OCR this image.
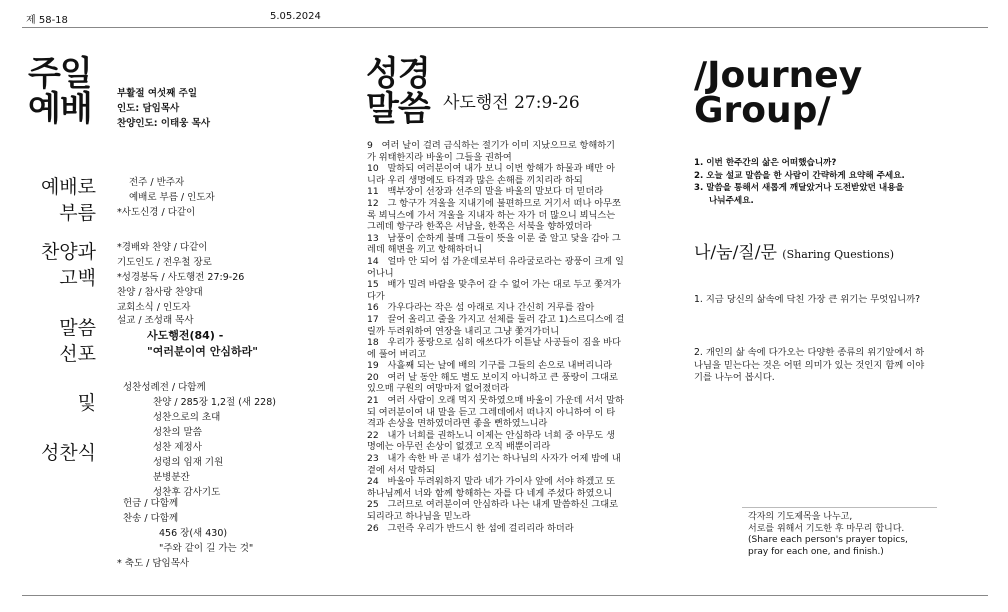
제 58-18	5.05.2024
주일
예배	부활절 여섯째 주일
인도: 담임목사
찬양인도: 이태웅 목사
예배로
부름
찬양과
고백
말씀
선포
및
성찬식
전주 / 반주자
예배로 부름 / 인도자
*사도신경 / 다같이
*경배와 찬양 / 다같이
기도인도 / 전우철 장로
*성경봉독 / 사도행전 27:9-26
찬양 / 참사랑 찬양대
교회소식 / 인도자
설교 / 조성래 목사
사도행전(84) -
"여러분이여 안심하라"
성찬성례전 / 다함께
찬양 / 285장 1,2절 (새 228)
성찬으로의 초대
성찬의 말씀
성찬 제정사
성령의 임재 기원
분병분잔
성찬후 감사기도
헌금 / 다함께
찬송 / 다함께
456 장(새 430)
"주와 같이 길 가는 것"
* 축도 / 담임목사
성경
말씀 사도행전 27:9-26
9   여러 날이 걸려 금식하는 절기가 이미 지났으므로 항해하기
가 위태한지라 바울이 그들을 권하여
10   말하되 여러분이여 내가 보니 이번 항해가 하물과 배만 아
니라 우리 생명에도 타격과 많은 손해를 끼치리라 하되
11   백부장이 선장과 선주의 말을 바울의 말보다 더 믿더라
12   그 항구가 겨울을 지내기에 불편하므로 거기서 떠나 아무쪼
록 뵈닉스에 가서 겨울을 지내자 하는 자가 더 많으니 뵈닉스는
그레데 항구라 한쪽은 서남을, 한쪽은 서북을 향하였더라
13   남풍이 순하게 불매 그들이 뜻을 이룬 줄 알고 닻을 감아 그
레데 해변을 끼고 항해하더니
14   얼마 안 되어 섬 가운데로부터 유라굴로라는 광풍이 크게 일
어나니
15   배가 밀려 바람을 맞추어 갈 수 없어 가는 대로 두고 쫓겨가
다가
16   가우다라는 작은 섬 아래로 지나 간신히 거루를 잡아
17   끌어 올리고 줄을 가지고 선체를 둘러 감고 1)스르디스에 걸
릴까 두려워하여 연장을 내리고 그냥 쫓겨가더니
18   우리가 풍랑으로 심히 애쓰다가 이튿날 사공들이 짐을 바다
에 풀어 버리고
19   사흘째 되는 날에 배의 기구를 그들의 손으로 내버리니라
20   여러 날 동안 해도 별도 보이지 아니하고 큰 풍랑이 그대로
있으매 구원의 여망마저 없어졌더라
21   여러 사람이 오래 먹지 못하였으매 바울이 가운데 서서 말하
되 여러분이여 내 말을 듣고 그레데에서 떠나지 아니하여 이 타
격과 손상을 면하였더라면 좋을 뻔하였느니라
22   내가 너희를 권하노니 이제는 안심하라 너희 중 아무도 생
명에는 아무런 손상이 없겠고 오직 배뿐이리라
23   내가 속한 바 곧 내가 섬기는 하나님의 사자가 어제 밤에 내
곁에 서서 말하되
24   바울아 두려워하지 말라 네가 가이사 앞에 서야 하겠고 또
하나님께서 너와 함께 항해하는 자를 다 네게 주셨다 하였으니
25   그러므로 여러분이여 안심하라 나는 내게 말씀하신 그대로
되리라고 하나님을 믿노라
26   그런즉 우리가 반드시 한 섬에 걸리리라 하더라
/Journey
Group/
1. 이번 한주간의 삶은 어떠했습니까?
2. 오늘 설교 말씀을 한 사람이 간략하게 요약해 주세요.
3. 말씀을 통해서 새롭게 깨달았거나 도전받았던 내용을
나눠주세요.
나/눔/질/문 (Sharing Questions)
1. 지금 당신의 삶속에 닥친 가장 큰 위기는 무엇입니까?
2. 개인의 삶 속에 다가오는 다양한 종류의 위기앞에서 하
나님을 믿는다는 것은 어떤 의미가 있는 것인지 함께 이야
기를 나누어 봅시다.
각자의 기도제목을 나누고,
서로를 위해서 기도한 후 마무리 합니다.
(Share each person's prayer topics,
pray for each one, and finish.)
